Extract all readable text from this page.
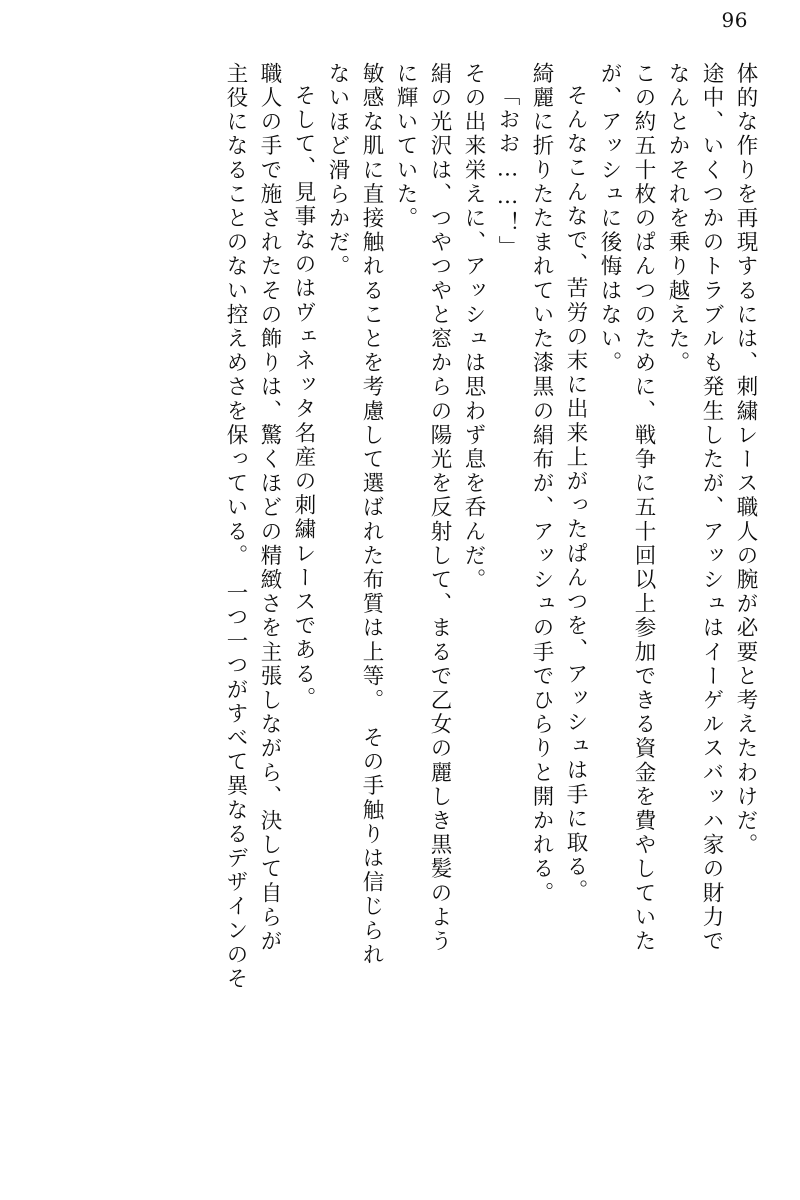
96
体的な作りを再現するには、刺繍レース職人の腕が必要と考えたわけだ。
途中、いくつかのトラブルも発生したが、アッシュはイーゲルスバッハ家の財力で
なんとかそれを乗り越えた。
この約五十枚のぱんつのために、戦争に五十回以上参加できる資金を費やしていた
が、アッシュに後悔はない。
そんなこんなで、苦労の末に出来上がったぱんつを、アッシュは手に取る。
綺麗に折りたたまれていた漆黒の絹布が、アッシュの手でひらりと開かれる。
「おお……！」
その出来栄えに、アッシュは思わず息を呑んだ。
絹の光沢は、つやつやと窓からの陽光を反射して、まるで乙女の麗しき黒髪のよう
に輝いていた。
敏感な肌に直接触れることを考慮して選ばれた布質は上等。　その手触りは信じられ
ないほど滑らかだ。
そして、見事なのはヴェネッタ名産の刺繍レースである。
職人の手で施されたその飾りは、驚くほどの精緻さを主張しながら、決して自らが
主役になることのない控えめさを保っている。　一つ一つがすべて異なるデザインのそ
